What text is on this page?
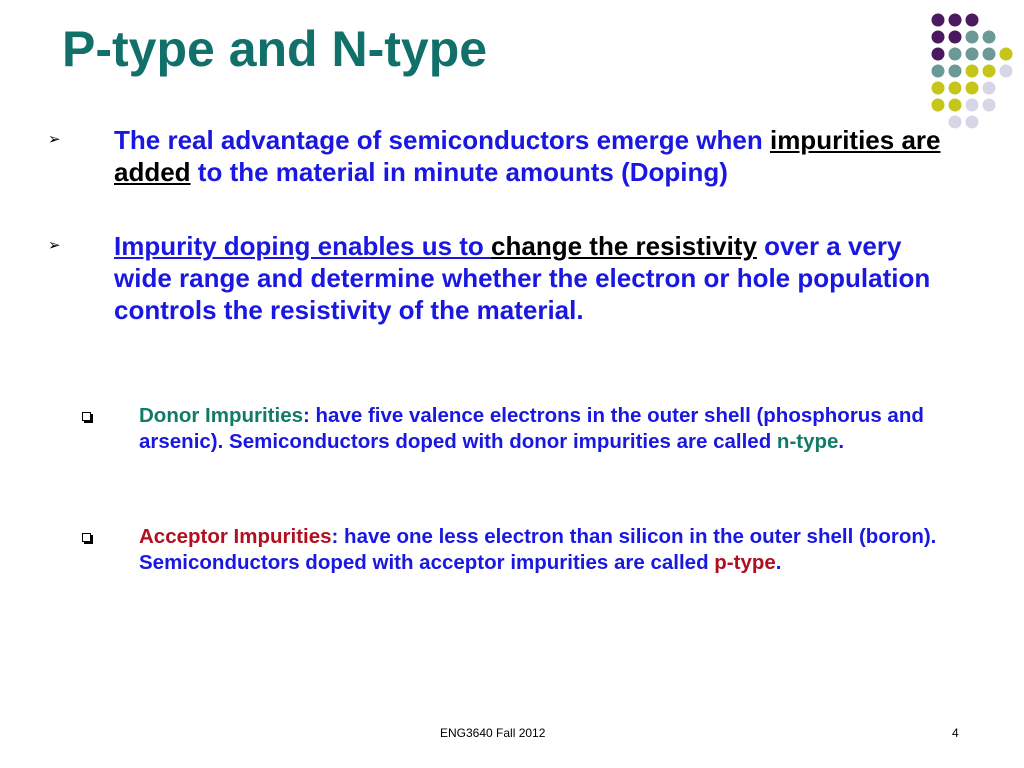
P-type and N-type
➢ The real advantage of semiconductors emerge when impurities are added to the material in minute amounts (Doping)
➢ Impurity doping enables us to change the resistivity over a very wide range and determine whether the electron or hole population controls the resistivity of the material.
Donor Impurities: have five valence electrons in the outer shell (phosphorus and arsenic). Semiconductors doped with donor impurities are called n-type.
Acceptor Impurities: have one less electron than silicon in the outer shell (boron). Semiconductors doped with acceptor impurities are called p-type.
ENG3640 Fall 2012	4
